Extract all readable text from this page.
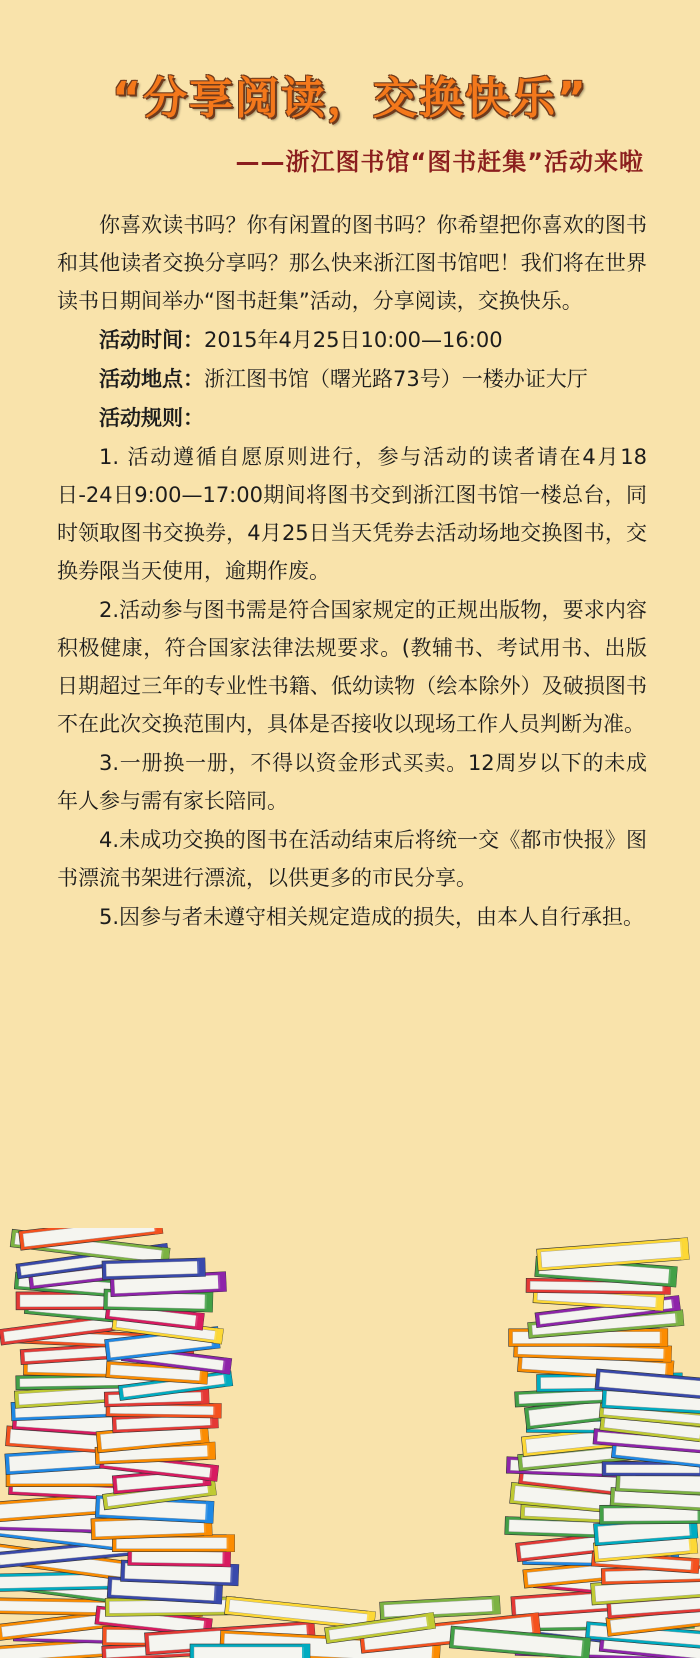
“分享阅读，交换快乐”
——浙江图书馆“图书赶集”活动来啦

你喜欢读书吗？你有闲置的图书吗？你希望把你喜欢的图书和其他读者交换分享吗？那么快来浙江图书馆吧！我们将在世界读书日期间举办“图书赶集”活动，分享阅读，交换快乐。

活动时间：2015年4月25日10:00—16:00

活动地点：浙江图书馆（曙光路73号）一楼办证大厅

活动规则：

1. 活动遵循自愿原则进行，参与活动的读者请在4月18日-24日9:00—17:00期间将图书交到浙江图书馆一楼总台，同时领取图书交换券，4月25日当天凭券去活动场地交换图书，交换券限当天使用，逾期作废。

2.活动参与图书需是符合国家规定的正规出版物，要求内容积极健康，符合国家法律法规要求。(教辅书、考试用书、出版日期超过三年的专业性书籍、低幼读物（绘本除外）及破损图书不在此次交换范围内，具体是否接收以现场工作人员判断为准。

3.一册换一册，不得以资金形式买卖。12周岁以下的未成年人参与需有家长陪同。

4.未成功交换的图书在活动结束后将统一交《都市快报》图书漂流书架进行漂流，以供更多的市民分享。

5.因参与者未遵守相关规定造成的损失，由本人自行承担。
